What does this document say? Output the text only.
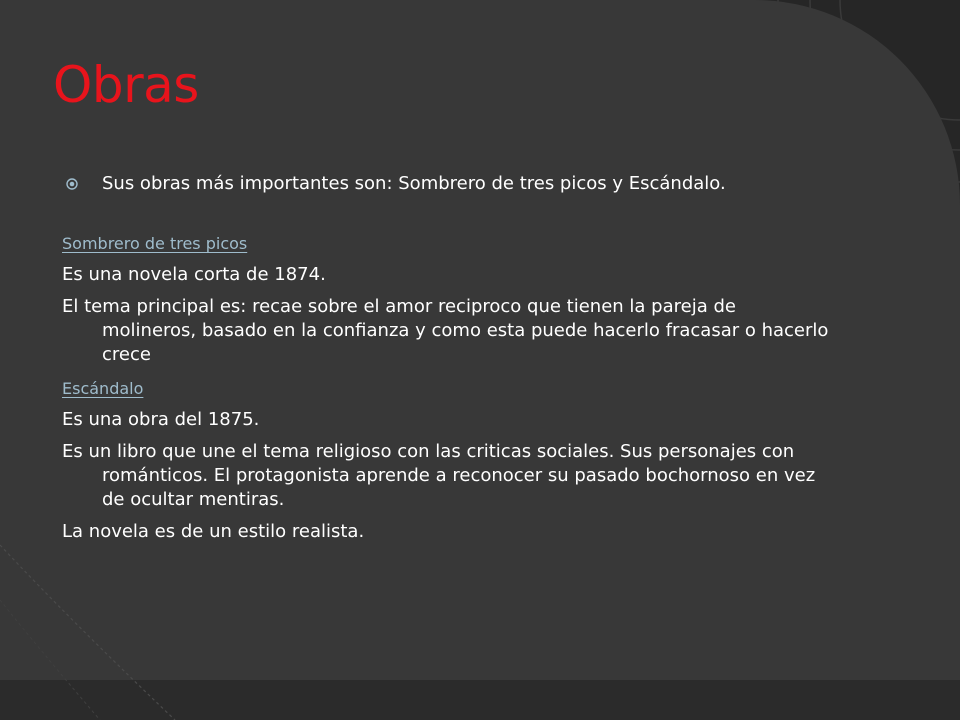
Obras
Sus obras más importantes son: Sombrero de tres picos y Escándalo.
Sombrero de tres picos

Es una novela corta de 1874.

El tema principal es: recae sobre el amor reciproco que tienen la pareja de molineros, basado en la confianza y como esta puede hacerlo fracasar o hacerlo crece

Escándalo

Es una obra del 1875.

Es un libro que une el tema religioso con las criticas sociales. Sus personajes con románticos. El protagonista aprende a reconocer su pasado bochornoso en vez de ocultar mentiras.

La novela es de un estilo realista.
